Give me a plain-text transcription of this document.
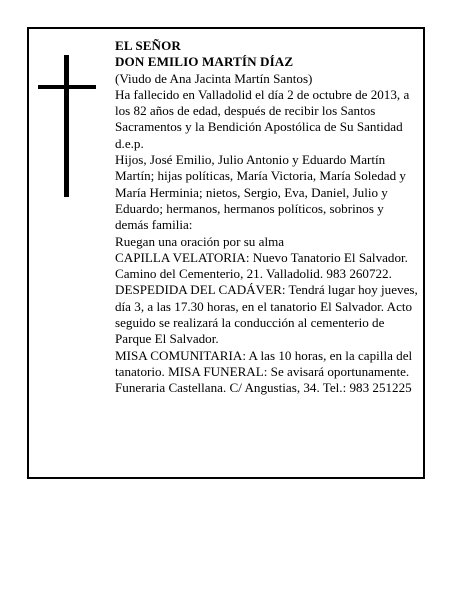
EL SEÑOR

DON EMILIO MARTÍN DÍAZ

(Viudo de Ana Jacinta Martín Santos)

Ha fallecido en Valladolid el día 2 de octubre de 2013, a los 82 años de edad, después de recibir los Santos Sacramentos y la Bendición Apostólica de Su Santidad

d.e.p.

Hijos, José Emilio, Julio Antonio y Eduardo Martín Martín; hijas políticas, María Victoria, María Soledad y María Herminia; nietos, Sergio, Eva, Daniel, Julio y Eduardo; hermanos, hermanos políticos, sobrinos y demás familia:

Ruegan una oración por su alma

CAPILLA VELATORIA: Nuevo Tanatorio El Salvador. Camino del Cementerio, 21. Valladolid. 983 260722.

DESPEDIDA DEL CADÁVER: Tendrá lugar hoy jueves, día 3, a las 17.30 horas, en el tanatorio El Salvador. Acto seguido se realizará la conducción al cementerio de Parque El Salvador.

MISA COMUNITARIA: A las 10 horas, en la capilla del tanatorio. MISA FUNERAL: Se avisará oportunamente.

Funeraria Castellana. C/ Angustias, 34. Tel.: 983 251225
